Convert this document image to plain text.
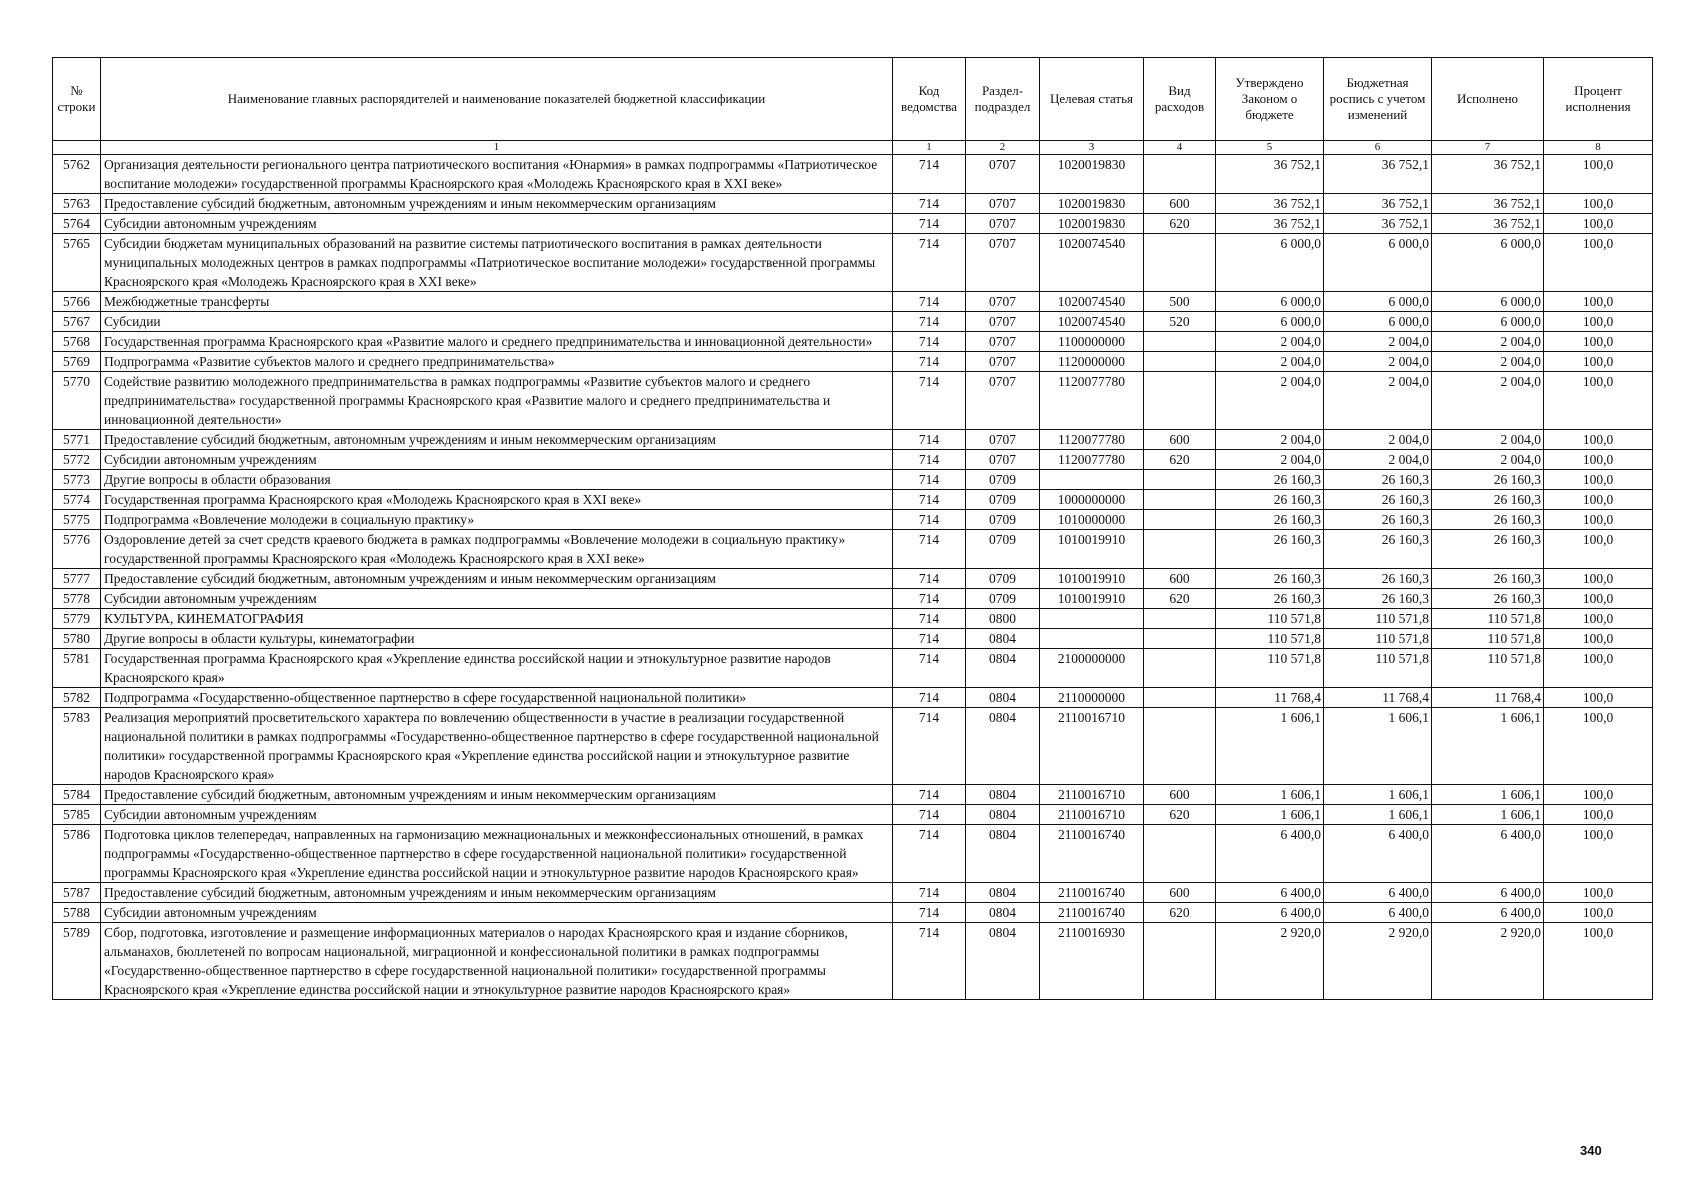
№ строки	Наименование главных распорядителей и наименование показателей бюджетной классификации	Код ведомства	Раздел-подраздел	Целевая статья	Вид расходов	Утверждено Законом о бюджете	Бюджетная роспись с учетом изменений	Исполнено	Процент исполнения
	1	1	2	3	4	5	6	7	8
5762	Организация деятельности регионального центра патриотического воспитания «Юнармия» в рамках подпрограммы «Патриотическое воспитание молодежи» государственной программы Красноярского края «Молодежь Красноярского края в XXI веке»	714	0707	1020019830		36 752,1	36 752,1	36 752,1	100,0
5763	Предоставление субсидий бюджетным, автономным учреждениям и иным некоммерческим организациям	714	0707	1020019830	600	36 752,1	36 752,1	36 752,1	100,0
5764	Субсидии автономным учреждениям	714	0707	1020019830	620	36 752,1	36 752,1	36 752,1	100,0
5765	Субсидии бюджетам муниципальных образований на развитие системы патриотического воспитания в рамках деятельности муниципальных молодежных центров в рамках подпрограммы «Патриотическое воспитание молодежи» государственной программы Красноярского края «Молодежь Красноярского края в XXI веке»	714	0707	1020074540		6 000,0	6 000,0	6 000,0	100,0
5766	Межбюджетные трансферты	714	0707	1020074540	500	6 000,0	6 000,0	6 000,0	100,0
5767	Субсидии	714	0707	1020074540	520	6 000,0	6 000,0	6 000,0	100,0
5768	Государственная программа Красноярского края «Развитие малого и среднего предпринимательства и инновационной деятельности»	714	0707	1100000000		2 004,0	2 004,0	2 004,0	100,0
5769	Подпрограмма «Развитие субъектов малого и среднего предпринимательства»	714	0707	1120000000		2 004,0	2 004,0	2 004,0	100,0
5770	Содействие развитию молодежного предпринимательства в рамках подпрограммы «Развитие субъектов малого и среднего предпринимательства» государственной программы Красноярского края «Развитие малого и среднего предпринимательства и инновационной деятельности»	714	0707	1120077780		2 004,0	2 004,0	2 004,0	100,0
5771	Предоставление субсидий бюджетным, автономным учреждениям и иным некоммерческим организациям	714	0707	1120077780	600	2 004,0	2 004,0	2 004,0	100,0
5772	Субсидии автономным учреждениям	714	0707	1120077780	620	2 004,0	2 004,0	2 004,0	100,0
5773	Другие вопросы в области образования	714	0709			26 160,3	26 160,3	26 160,3	100,0
5774	Государственная программа Красноярского края «Молодежь Красноярского края в XXI веке»	714	0709	1000000000		26 160,3	26 160,3	26 160,3	100,0
5775	Подпрограмма «Вовлечение молодежи в социальную практику»	714	0709	1010000000		26 160,3	26 160,3	26 160,3	100,0
5776	Оздоровление детей за счет средств краевого бюджета в рамках подпрограммы «Вовлечение молодежи в социальную практику» государственной программы Красноярского края «Молодежь Красноярского края в XXI веке»	714	0709	1010019910		26 160,3	26 160,3	26 160,3	100,0
5777	Предоставление субсидий бюджетным, автономным учреждениям и иным некоммерческим организациям	714	0709	1010019910	600	26 160,3	26 160,3	26 160,3	100,0
5778	Субсидии автономным учреждениям	714	0709	1010019910	620	26 160,3	26 160,3	26 160,3	100,0
5779	КУЛЬТУРА, КИНЕМАТОГРАФИЯ	714	0800			110 571,8	110 571,8	110 571,8	100,0
5780	Другие вопросы в области культуры, кинематографии	714	0804			110 571,8	110 571,8	110 571,8	100,0
5781	Государственная программа Красноярского края «Укрепление единства российской нации и этнокультурное развитие народов Красноярского края»	714	0804	2100000000		110 571,8	110 571,8	110 571,8	100,0
5782	Подпрограмма «Государственно-общественное партнерство в сфере государственной национальной политики»	714	0804	2110000000		11 768,4	11 768,4	11 768,4	100,0
5783	Реализация мероприятий просветительского характера по вовлечению общественности в участие в реализации государственной национальной политики в рамках подпрограммы «Государственно-общественное партнерство в сфере государственной национальной политики» государственной программы Красноярского края «Укрепление единства российской нации и этнокультурное развитие народов Красноярского края»	714	0804	2110016710		1 606,1	1 606,1	1 606,1	100,0
5784	Предоставление субсидий бюджетным, автономным учреждениям и иным некоммерческим организациям	714	0804	2110016710	600	1 606,1	1 606,1	1 606,1	100,0
5785	Субсидии автономным учреждениям	714	0804	2110016710	620	1 606,1	1 606,1	1 606,1	100,0
5786	Подготовка циклов телепередач, направленных на гармонизацию межнациональных и межконфессиональных отношений, в рамках подпрограммы «Государственно-общественное партнерство в сфере государственной национальной политики» государственной программы Красноярского края «Укрепление единства российской нации и этнокультурное развитие народов Красноярского края»	714	0804	2110016740		6 400,0	6 400,0	6 400,0	100,0
5787	Предоставление субсидий бюджетным, автономным учреждениям и иным некоммерческим организациям	714	0804	2110016740	600	6 400,0	6 400,0	6 400,0	100,0
5788	Субсидии автономным учреждениям	714	0804	2110016740	620	6 400,0	6 400,0	6 400,0	100,0
5789	Сбор, подготовка, изготовление и размещение информационных материалов о народах Красноярского края и издание сборников, альманахов, бюллетеней по вопросам национальной, миграционной и конфессиональной политики в рамках подпрограммы «Государственно-общественное партнерство в сфере государственной национальной политики» государственной программы Красноярского края «Укрепление единства российской нации и этнокультурное развитие народов Красноярского края»	714	0804	2110016930		2 920,0	2 920,0	2 920,0	100,0
340
